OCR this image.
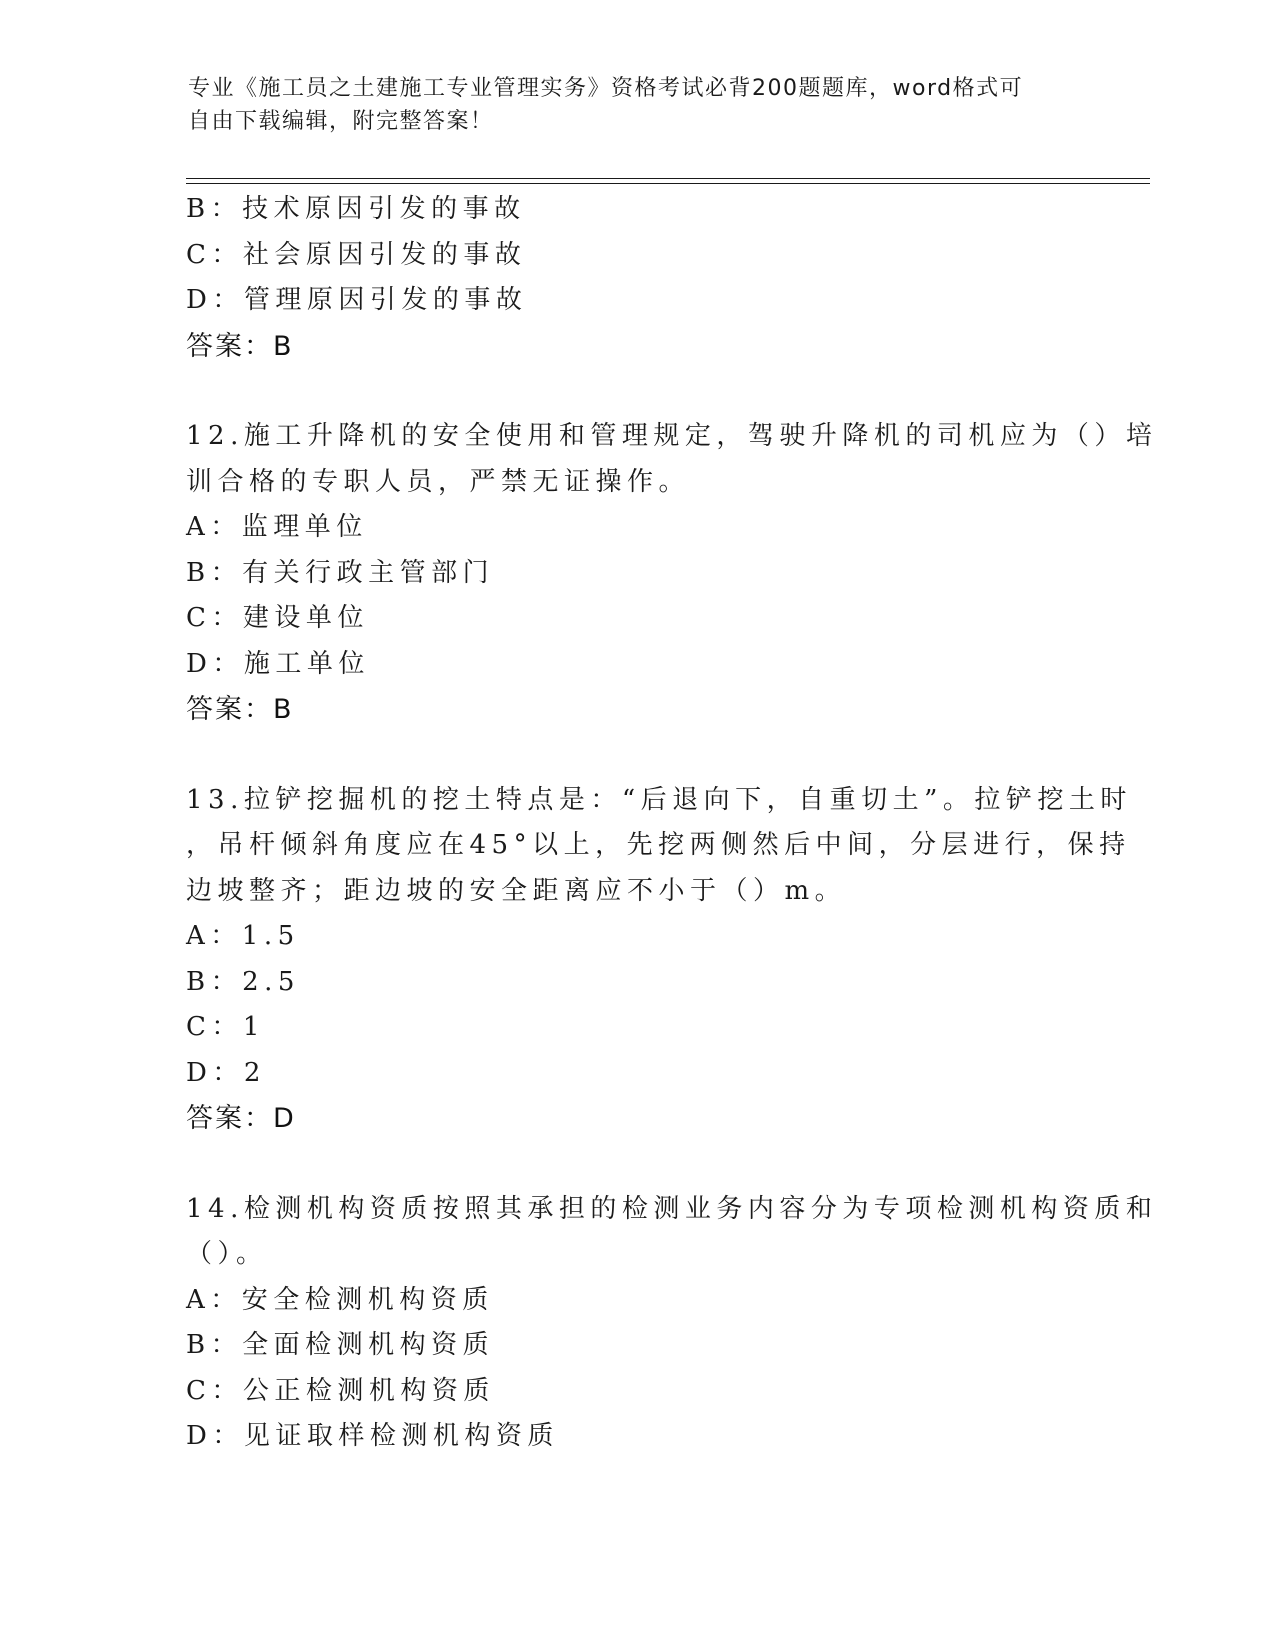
专业《施工员之土建施工专业管理实务》资格考试必背200题题库，word格式可
自由下载编辑，附完整答案！
B：技术原因引发的事故
C：社会原因引发的事故
D：管理原因引发的事故
答案：B
12.施工升降机的安全使用和管理规定，驾驶升降机的司机应为（）培
训合格的专职人员，严禁无证操作。
A：监理单位
B：有关行政主管部门
C：建设单位
D：施工单位
答案：B
13.拉铲挖掘机的挖土特点是：“后退向下，自重切土”。拉铲挖土时
，吊杆倾斜角度应在45°以上，先挖两侧然后中间，分层进行，保持
边坡整齐；距边坡的安全距离应不小于（）m。
A：1.5
B：2.5
C：1
D：2
答案：D
14.检测机构资质按照其承担的检测业务内容分为专项检测机构资质和
（）。
A：安全检测机构资质
B：全面检测机构资质
C：公正检测机构资质
D：见证取样检测机构资质
